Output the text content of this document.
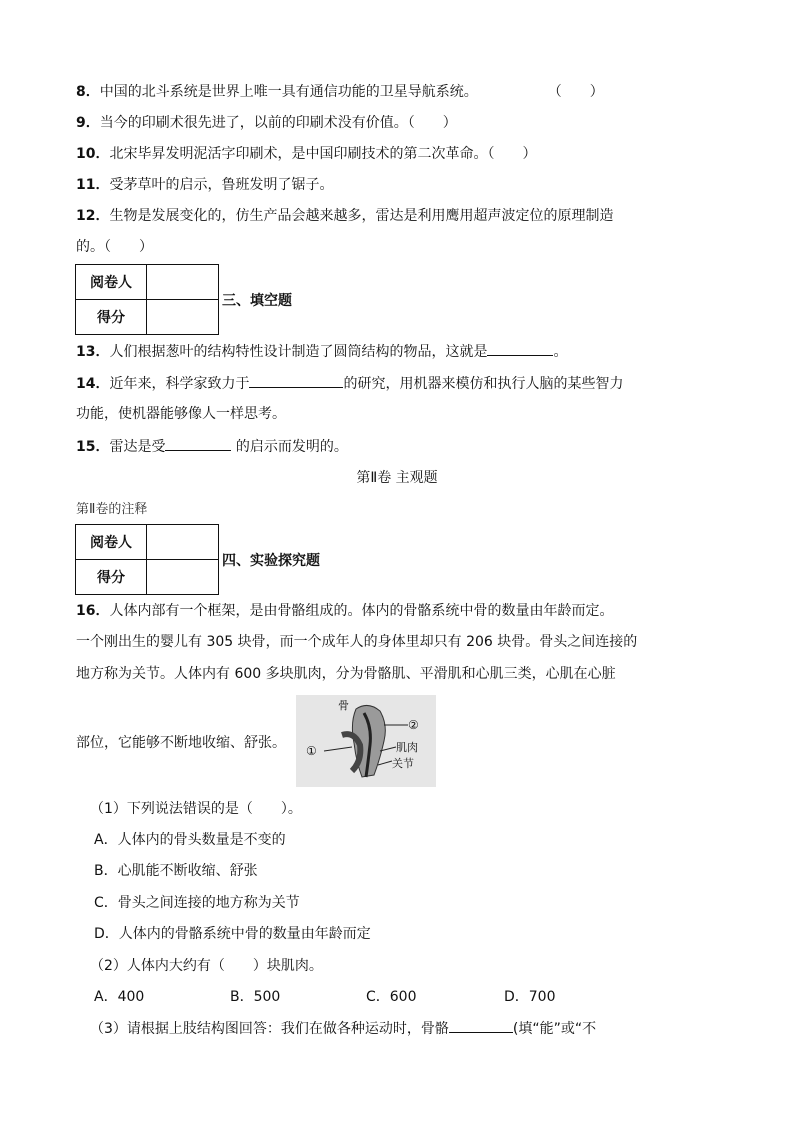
8．中国的北斗系统是世界上唯一具有通信功能的卫星导航系统。	（　　）
9．当今的印刷术很先进了，以前的印刷术没有价值。（　　）
10．北宋毕昇发明泥活字印刷术，是中国印刷技术的第二次革命。（　　）
11．受茅草叶的启示，鲁班发明了锯子。
12．生物是发展变化的，仿生产品会越来越多，雷达是利用鹰用超声波定位的原理制造
的。（　　）
阅卷人	
得分	
三、填空题
13．人们根据葱叶的结构特性设计制造了圆筒结构的物品，这就是	。
14．近年来，科学家致力于	的研究，用机器来模仿和执行人脑的某些智力
功能，使机器能够像人一样思考。
15．雷达是受	的启示而发明的。
第Ⅱ卷 主观题
第Ⅱ卷的注释
阅卷人	
得分	
四、实验探究题
16．人体内部有一个框架，是由骨骼组成的。体内的骨骼系统中骨的数量由年龄而定。
一个刚出生的婴儿有 305 块骨，而一个成年人的身体里却只有 206 块骨。骨头之间连接的
地方称为关节。人体内有 600 多块肌肉，分为骨骼肌、平滑肌和心肌三类，心肌在心脏
部位，它能够不断地收缩、舒张。
骨
①
②
肌肉
关节
（1）下列说法错误的是（　　）。
A．人体内的骨头数量是不变的
B．心肌能不断收缩、舒张
C．骨头之间连接的地方称为关节
D．人体内的骨骼系统中骨的数量由年龄而定
（2）人体内大约有（　　）块肌肉。
A．400	B．500	C．600	D．700
（3）请根据上肢结构图回答：我们在做各种运动时，骨骼	(填“能”或“不
